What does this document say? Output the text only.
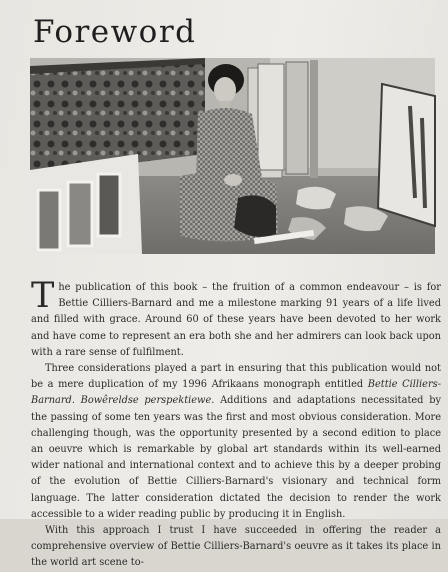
Foreword

The publication of this book – the fruition of a common endeavour – is for Bettie Cilliers-Barnard and me a milestone marking 91 years of a life lived and filled with grace. Around 60 of these years have been devoted to her work and have come to represent an era both she and her admirers can look back upon with a rare sense of fulfilment.

Three considerations played a part in ensuring that this publication would not be a mere duplication of my 1996 Afrikaans monograph entitled Bettie Cilliers-Barnard. Bowêreldse perspektiewe. Additions and adaptations necessitated by the passing of some ten years was the first and most obvious consideration. More challenging though, was the opportunity presented by a second edition to place an oeuvre which is remarkable by global art standards within its well-earned wider national and international context and to achieve this by a deeper probing of the evolution of Bettie Cilliers-Barnard's visionary and technical form language. The latter consideration dictated the decision to render the work accessible to a wider reading public by producing it in English.

With this approach I trust I have succeeded in offering the reader a comprehensive overview of Bettie Cilliers-Barnard's oeuvre as it takes its place in the world art scene to-
